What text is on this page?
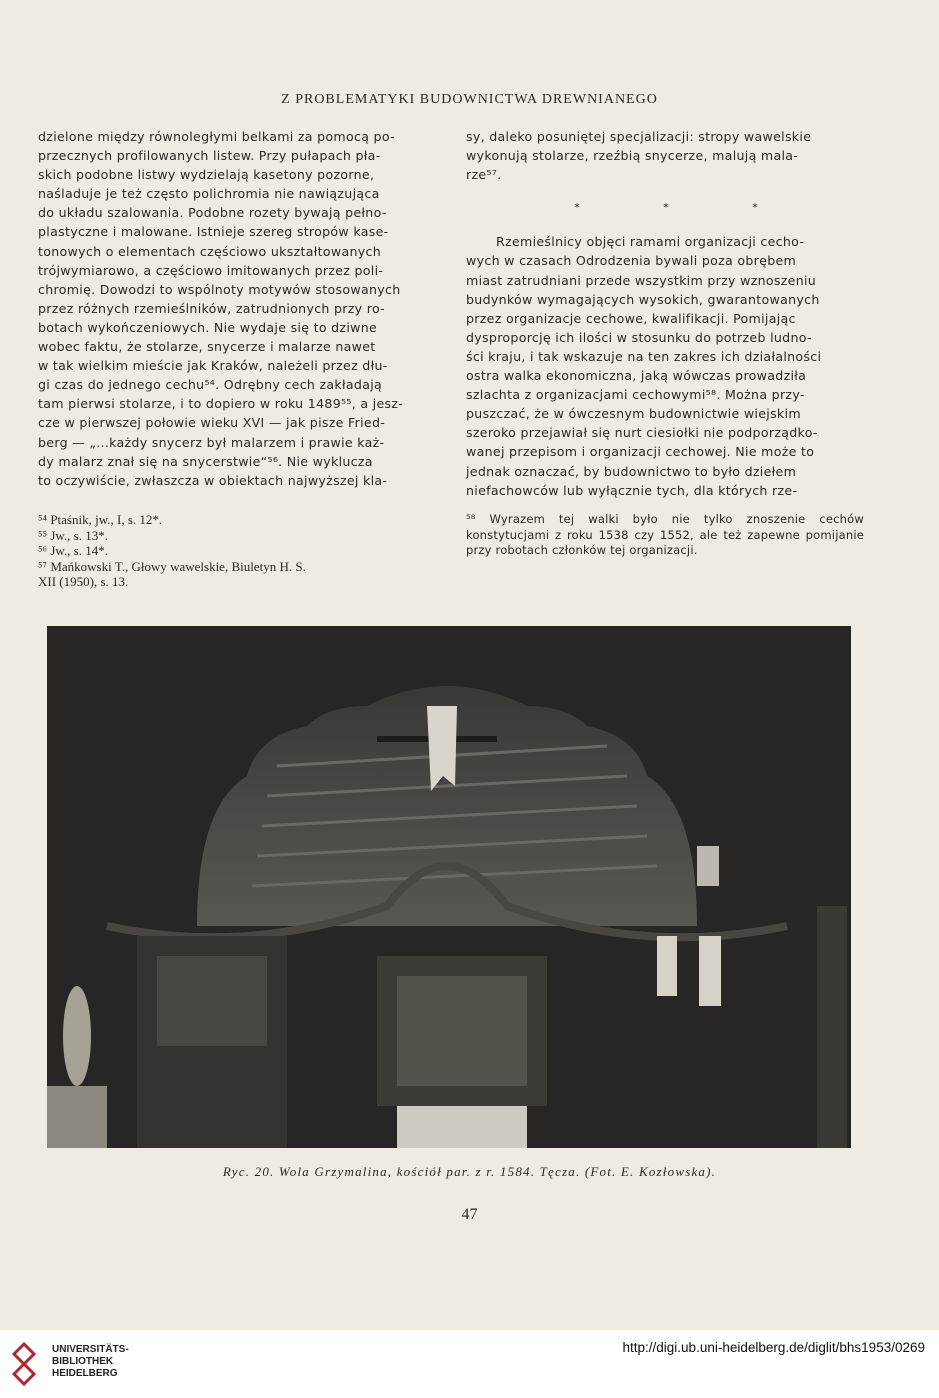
Z PROBLEMATYKI BUDOWNICTWA DREWNIANEGO

dzielone między równoległymi belkami za pomocą po-

przecznych profilowanych listew. Przy pułapach pła-

skich podobne listwy wydzielają kasetony pozorne,

naśladuje je też często polichromia nie nawiązująca

do układu szalowania. Podobne rozety bywają pełno-

plastyczne i malowane. Istnieje szereg stropów kase-

tonowych o elementach częściowo ukształtowanych

trójwymiarowo, a częściowo imitowanych przez poli-

chromię. Dowodzi to wspólnoty motywów stosowanych

przez różnych rzemieślników, zatrudnionych przy ro-

botach wykończeniowych. Nie wydaje się to dziwne

wobec faktu, że stolarze, snycerze i malarze nawet

w tak wielkim mieście jak Kraków, należeli przez dłu-

gi czas do jednego cechu⁵⁴. Odrębny cech zakładają

tam pierwsi stolarze, i to dopiero w roku 1489⁵⁵, a jesz-

cze w pierwszej połowie wieku XVI — jak pisze Fried-

berg — „...każdy snycerz był malarzem i prawie każ-

dy malarz znał się na snycerstwie“⁵⁶. Nie wyklucza

to oczywiście, zwłaszcza w obiektach najwyższej kla-

sy, daleko posuniętej specjalizacji: stropy wawelskie

wykonują stolarze, rzeźbią snycerze, malują mala-

rze⁵⁷.

* * *

Rzemieślnicy objęci ramami organizacji cecho-

wych w czasach Odrodzenia bywali poza obrębem

miast zatrudniani przede wszystkim przy wznoszeniu

budynków wymagających wysokich, gwarantowanych

przez organizacje cechowe, kwalifikacji. Pomijając

dysproporcję ich ilości w stosunku do potrzeb ludno-

ści kraju, i tak wskazuje na ten zakres ich działalności

ostra walka ekonomiczna, jaką wówczas prowadziła

szlachta z organizacjami cechowymi⁵⁸. Można przy-

puszczać, że w ówczesnym budownictwie wiejskim

szeroko przejawiał się nurt ciesiołki nie podporządko-

wanej przepisom i organizacji cechowej. Nie może to

jednak oznaczać, by budownictwo to było dziełem

niefachowców lub wyłącznie tych, dla których rze-

⁵⁴ Ptaśnik, jw., I, s. 12*.
⁵⁵ Jw., s. 13*.
⁵⁶ Jw., s. 14*.
⁵⁷ Mańkowski T., Głowy wawelskie, Biuletyn H. S.
XII (1950), s. 13.
⁵⁸ Wyrazem tej walki było nie tylko znoszenie cechów konstytucjami z roku 1538 czy 1552, ale też zapewne pomijanie przy robotach członków tej organizacji.
Ryc. 20. Wola Grzymalina, kościół par. z r. 1584. Tęcza. (Fot. E. Kozłowska).
47
UNIVERSITÄTS-
BIBLIOTHEK
HEIDELBERG
http://digi.ub.uni-heidelberg.de/diglit/bhs1953/0269
